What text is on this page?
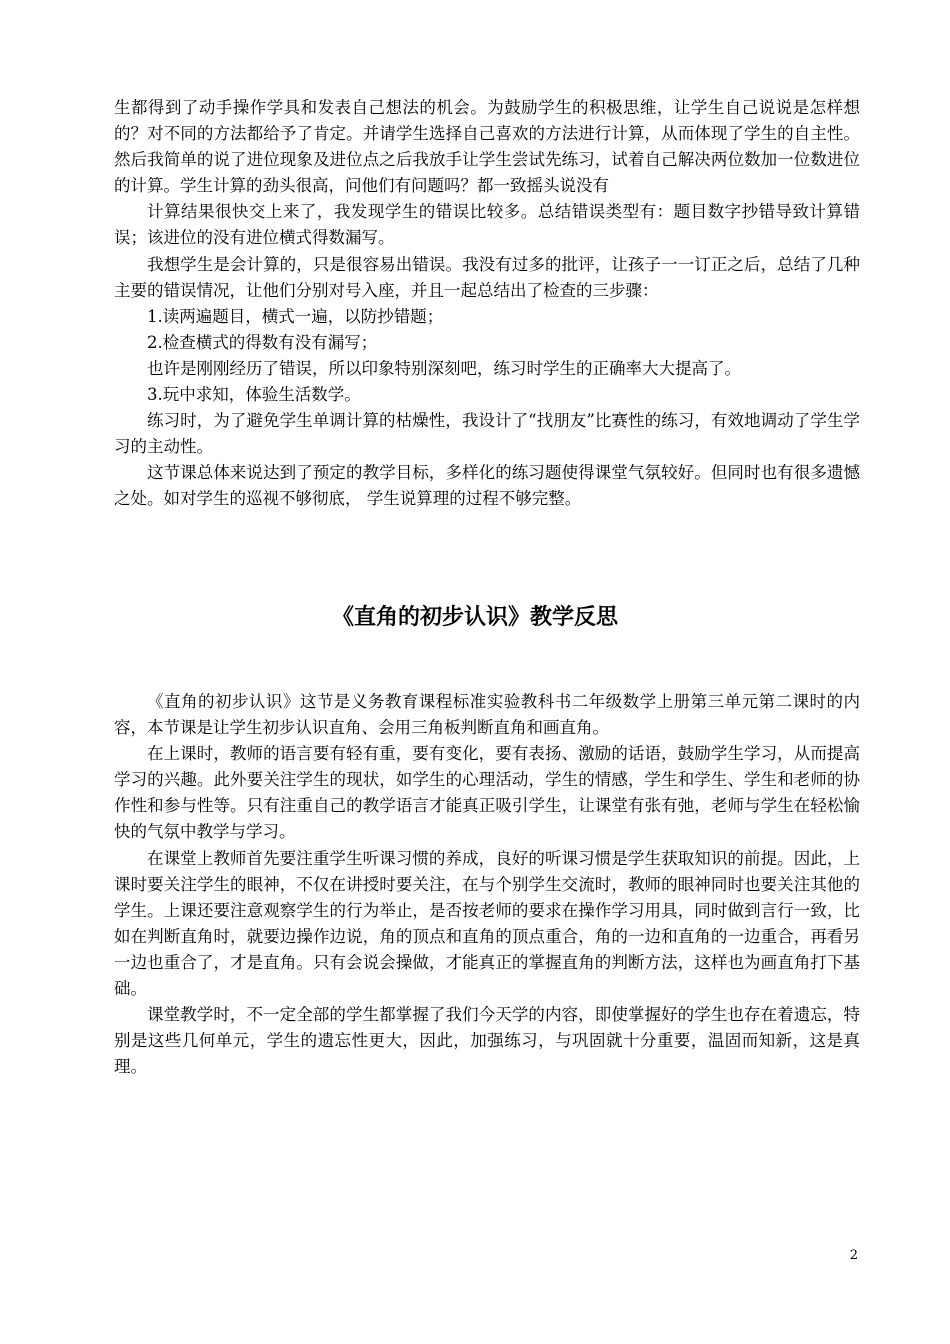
生都得到了动手操作学具和发表自己想法的机会。为鼓励学生的积极思维，让学生自己说说是怎样想的？对不同的方法都给予了肯定。并请学生选择自己喜欢的方法进行计算，从而体现了学生的自主性。然后我简单的说了进位现象及进位点之后我放手让学生尝试先练习，试着自己解决两位数加一位数进位的计算。学生计算的劲头很高，问他们有问题吗？都一致摇头说没有

计算结果很快交上来了，我发现学生的错误比较多。总结错误类型有：题目数字抄错导致计算错误；该进位的没有进位横式得数漏写。

我想学生是会计算的，只是很容易出错误。我没有过多的批评，让孩子一一订正之后，总结了几种主要的错误情况，让他们分别对号入座，并且一起总结出了检查的三步骤：

1.读两遍题目，横式一遍，以防抄错题；

2.检查横式的得数有没有漏写；

也许是刚刚经历了错误，所以印象特别深刻吧，练习时学生的正确率大大提高了。

3.玩中求知，体验生活数学。

练习时，为了避免学生单调计算的枯燥性，我设计了“找朋友”比赛性的练习，有效地调动了学生学习的主动性。

这节课总体来说达到了预定的教学目标，多样化的练习题使得课堂气氛较好。但同时也有很多遗憾之处。如对学生的巡视不够彻底， 学生说算理的过程不够完整。

《直角的初步认识》教学反思

《直角的初步认识》这节是义务教育课程标准实验教科书二年级数学上册第三单元第二课时的内容，本节课是让学生初步认识直角、会用三角板判断直角和画直角。

在上课时，教师的语言要有轻有重，要有变化，要有表扬、激励的话语，鼓励学生学习，从而提高学习的兴趣。此外要关注学生的现状，如学生的心理活动，学生的情感，学生和学生、学生和老师的协作性和参与性等。只有注重自己的教学语言才能真正吸引学生，让课堂有张有弛，老师与学生在轻松愉快的气氛中教学与学习。

在课堂上教师首先要注重学生听课习惯的养成，良好的听课习惯是学生获取知识的前提。因此，上课时要关注学生的眼神，不仅在讲授时要关注，在与个别学生交流时，教师的眼神同时也要关注其他的学生。上课还要注意观察学生的行为举止，是否按老师的要求在操作学习用具，同时做到言行一致，比如在判断直角时，就要边操作边说，角的顶点和直角的顶点重合，角的一边和直角的一边重合，再看另一边也重合了，才是直角。只有会说会操做，才能真正的掌握直角的判断方法，这样也为画直角打下基础。

课堂教学时，不一定全部的学生都掌握了我们今天学的内容，即使掌握好的学生也存在着遗忘，特别是这些几何单元，学生的遗忘性更大，因此，加强练习，与巩固就十分重要，温固而知新，这是真理。

2
